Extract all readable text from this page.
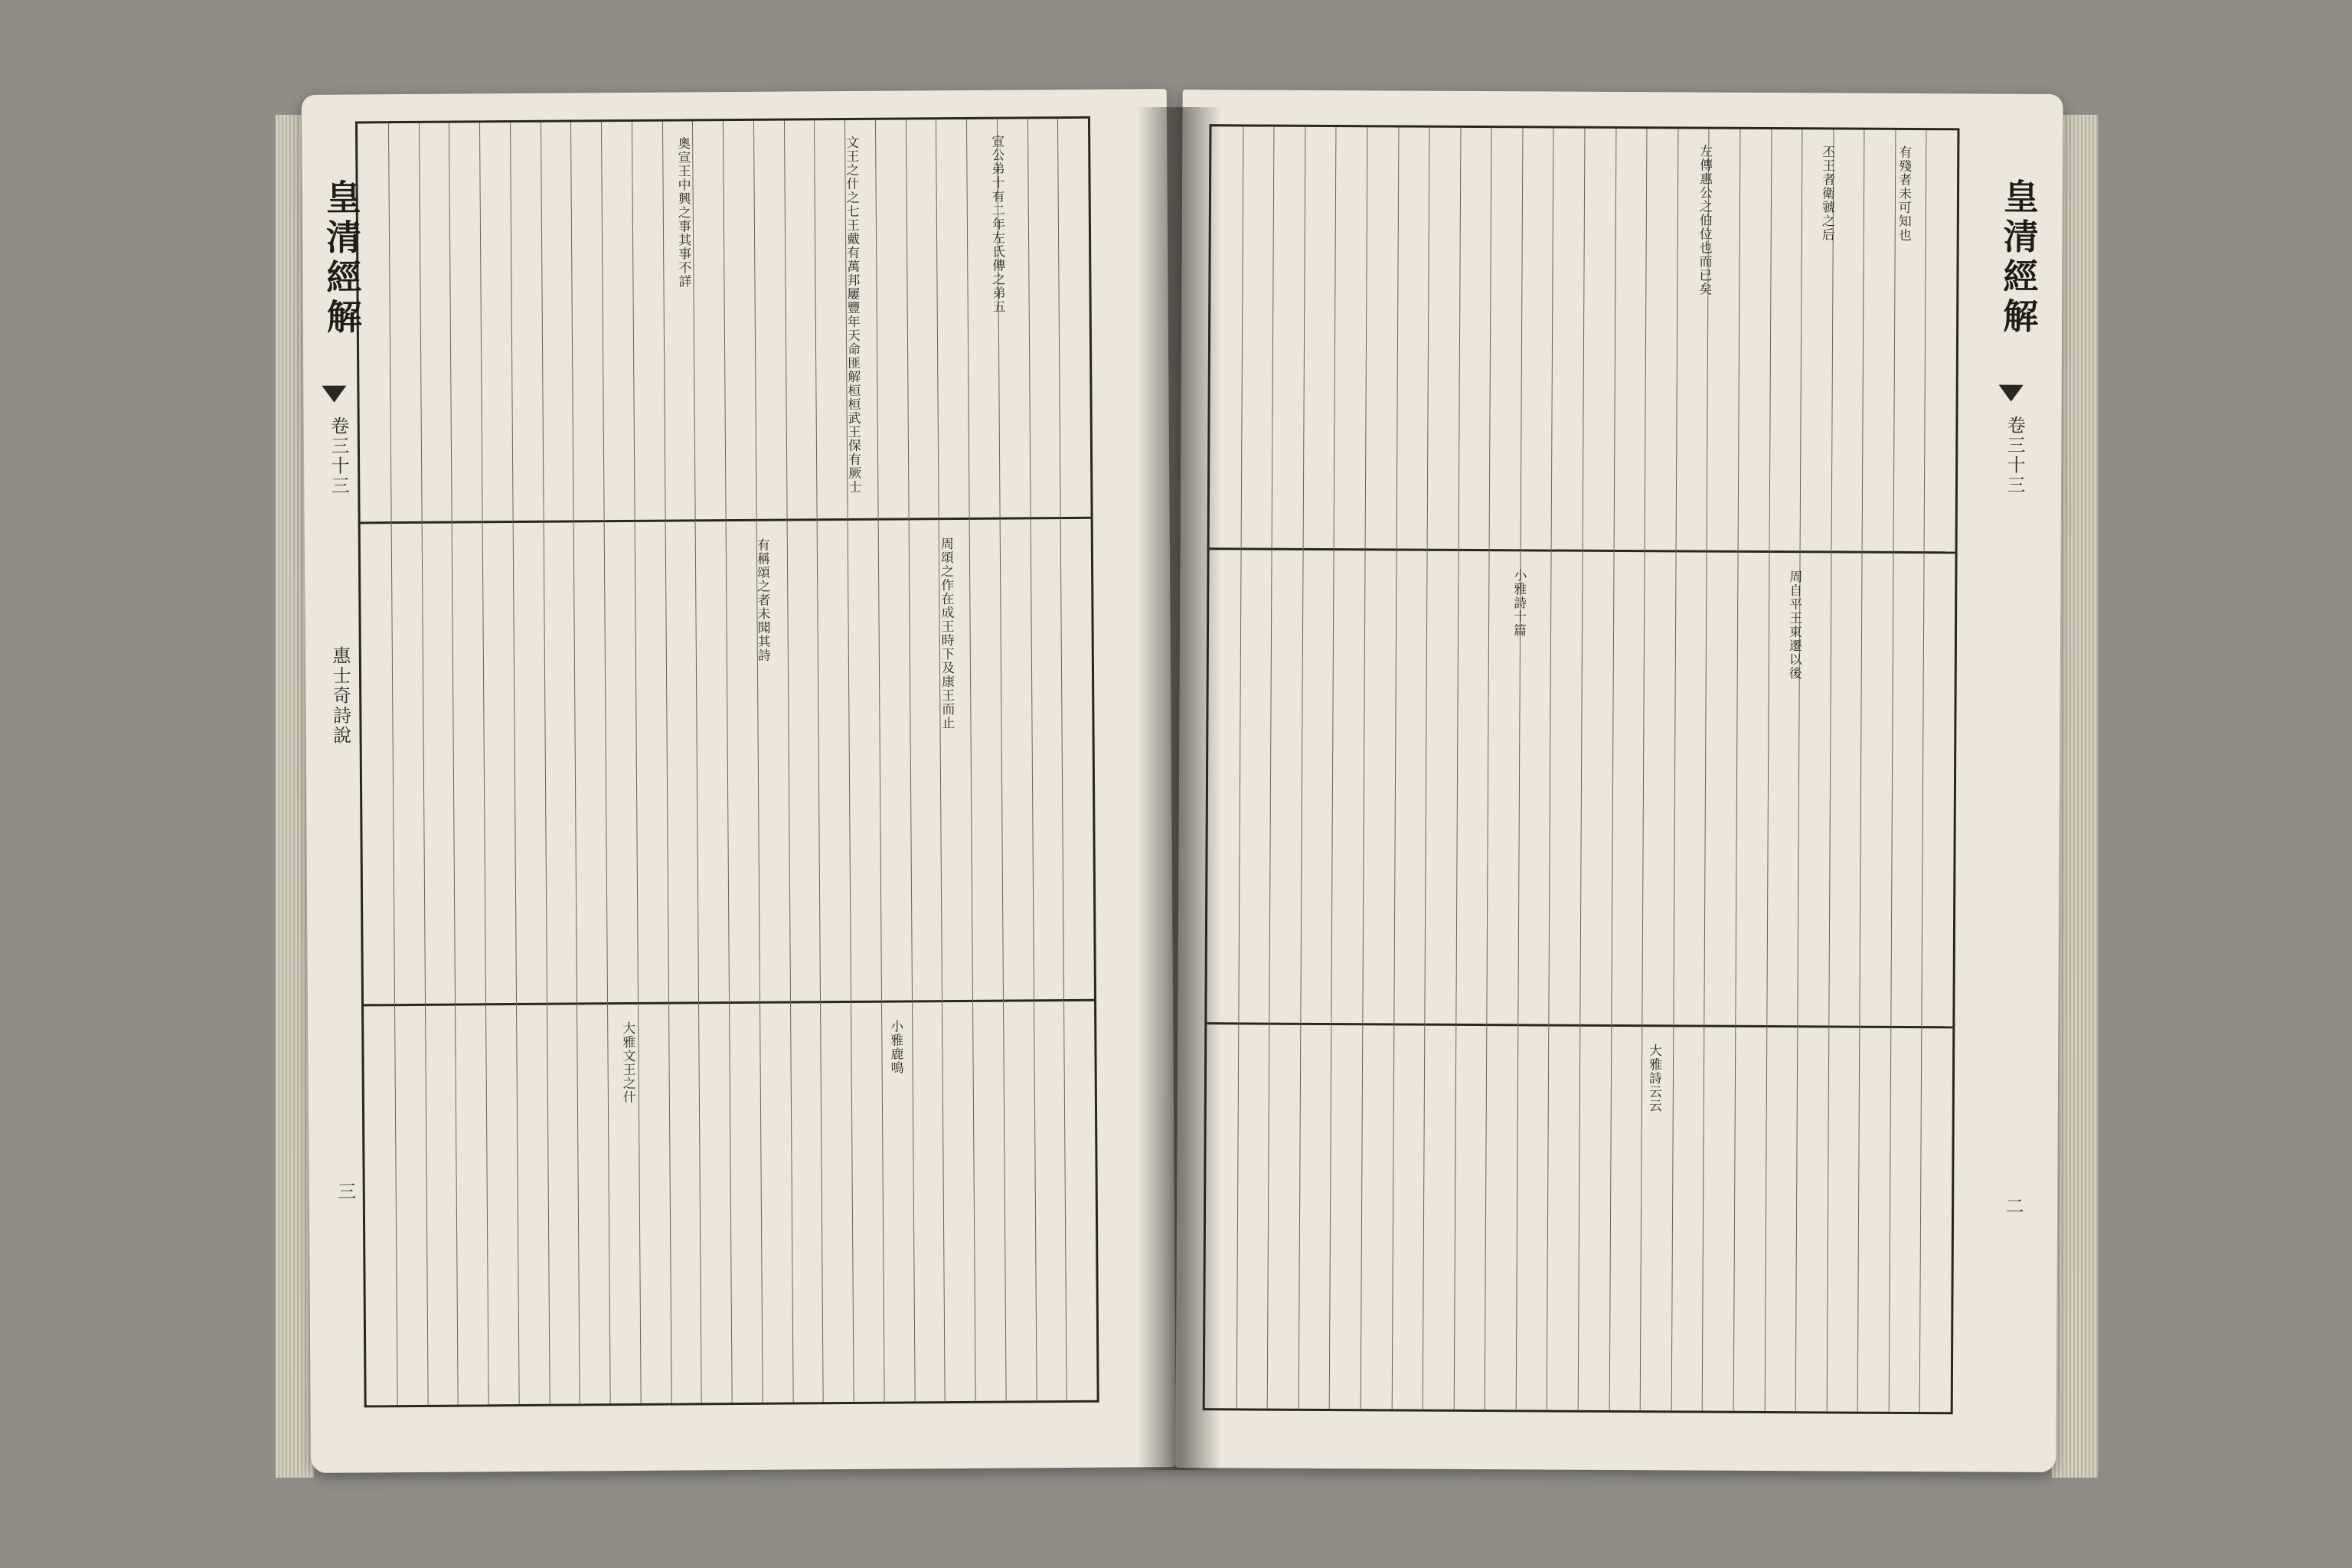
宣公弟十有二年左氏傳之弟五
文王之什之七王戴有萬邦屢豐年天命匪解桓桓武王保有厥士
奧宣王中興之事其事不詳
周頌之作在成王時下及康王而止
有稱頌之者未聞其詩
小雅鹿鳴
大雅文王之什
皇清經解
卷三十三
惠士奇詩說
三
有殘者未可知也
丕王者衛虢之后
左傳惠公之伯位也而已矣
周自平王東遷以後
小雅詩十篇
大雅詩云云
皇清經解
卷三十三
二
